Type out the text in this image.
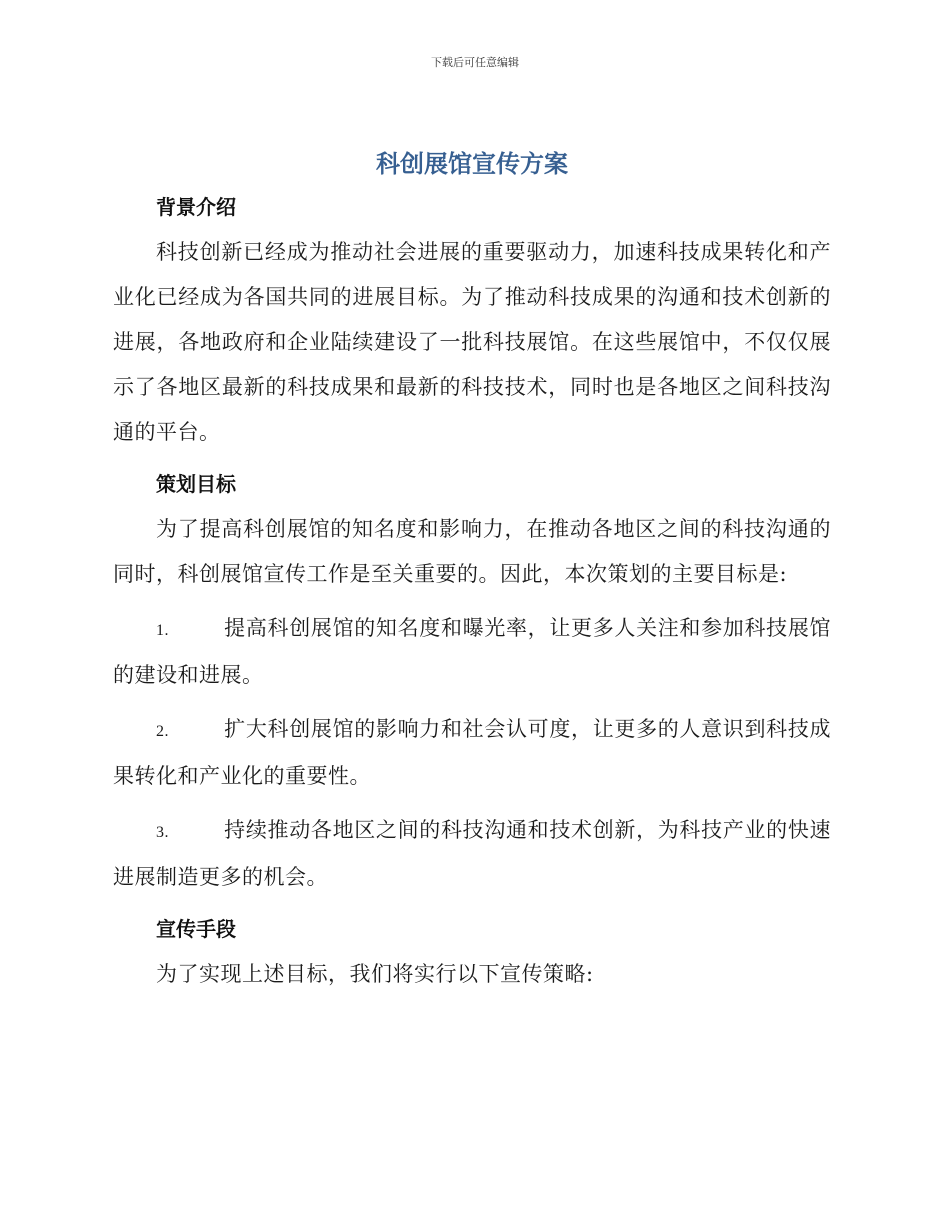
下载后可任意编辑
科创展馆宣传方案
背景介绍

科技创新已经成为推动社会进展的重要驱动力，加速科技成果转化和产业化已经成为各国共同的进展目标。为了推动科技成果的沟通和技术创新的进展，各地政府和企业陆续建设了一批科技展馆。在这些展馆中，不仅仅展示了各地区最新的科技成果和最新的科技技术，同时也是各地区之间科技沟通的平台。

策划目标

为了提高科创展馆的知名度和影响力，在推动各地区之间的科技沟通的同时，科创展馆宣传工作是至关重要的。因此，本次策划的主要目标是:

1.	提高科创展馆的知名度和曝光率，让更多人关注和参加科技展馆的建设和进展。

2.	扩大科创展馆的影响力和社会认可度，让更多的人意识到科技成果转化和产业化的重要性。

3.	持续推动各地区之间的科技沟通和技术创新，为科技产业的快速进展制造更多的机会。

宣传手段

为了实现上述目标，我们将实行以下宣传策略:
